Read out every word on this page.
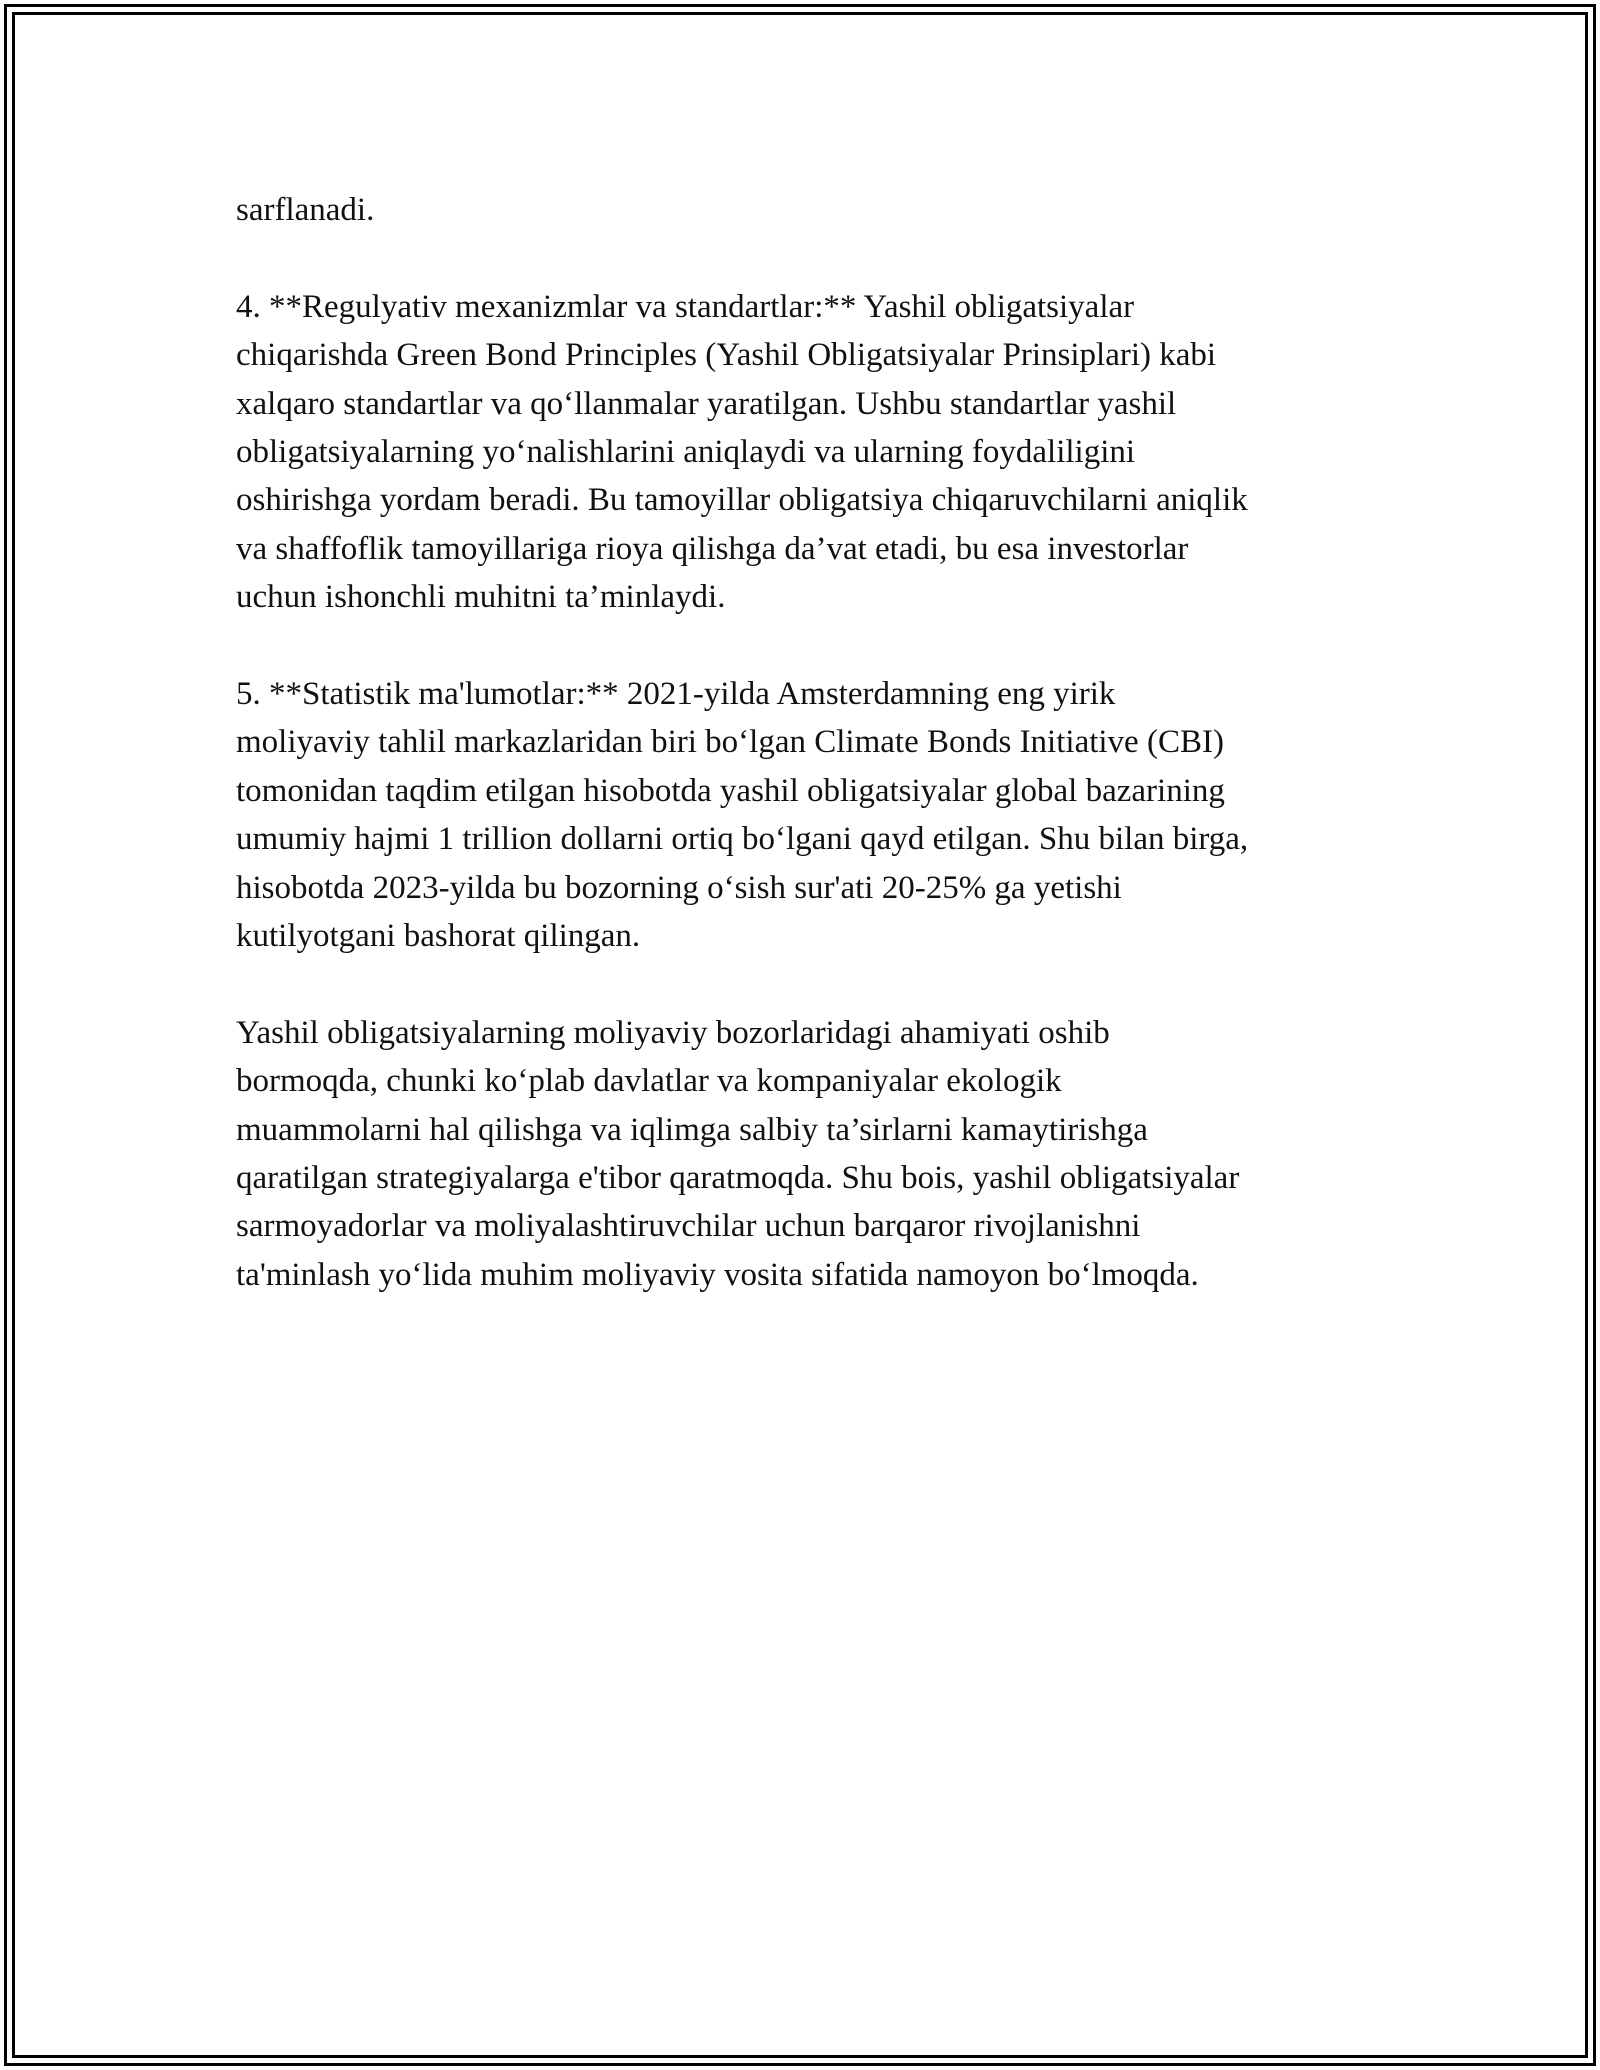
sarflanadi.

4. **Regulyativ mexanizmlar va standartlar:** Yashil obligatsiyalar
chiqarishda Green Bond Principles (Yashil Obligatsiyalar Prinsiplari) kabi
xalqaro standartlar va qo‘llanmalar yaratilgan. Ushbu standartlar yashil
obligatsiyalarning yo‘nalishlarini aniqlaydi va ularning foydaliligini
oshirishga yordam beradi. Bu tamoyillar obligatsiya chiqaruvchilarni aniqlik
va shaffoflik tamoyillariga rioya qilishga da’vat etadi, bu esa investorlar
uchun ishonchli muhitni ta’minlaydi.

5. **Statistik ma'lumotlar:** 2021-yilda Amsterdamning eng yirik
moliyaviy tahlil markazlaridan biri bo‘lgan Climate Bonds Initiative (CBI)
tomonidan taqdim etilgan hisobotda yashil obligatsiyalar global bazarining
umumiy hajmi 1 trillion dollarni ortiq bo‘lgani qayd etilgan. Shu bilan birga,
hisobotda 2023-yilda bu bozorning o‘sish sur'ati 20-25% ga yetishi
kutilyotgani bashorat qilingan.

Yashil obligatsiyalarning moliyaviy bozorlaridagi ahamiyati oshib
bormoqda, chunki ko‘plab davlatlar va kompaniyalar ekologik
muammolarni hal qilishga va iqlimga salbiy ta’sirlarni kamaytirishga
qaratilgan strategiyalarga e'tibor qaratmoqda. Shu bois, yashil obligatsiyalar
sarmoyadorlar va moliyalashtiruvchilar uchun barqaror rivojlanishni
ta'minlash yo‘lida muhim moliyaviy vosita sifatida namoyon bo‘lmoqda.
